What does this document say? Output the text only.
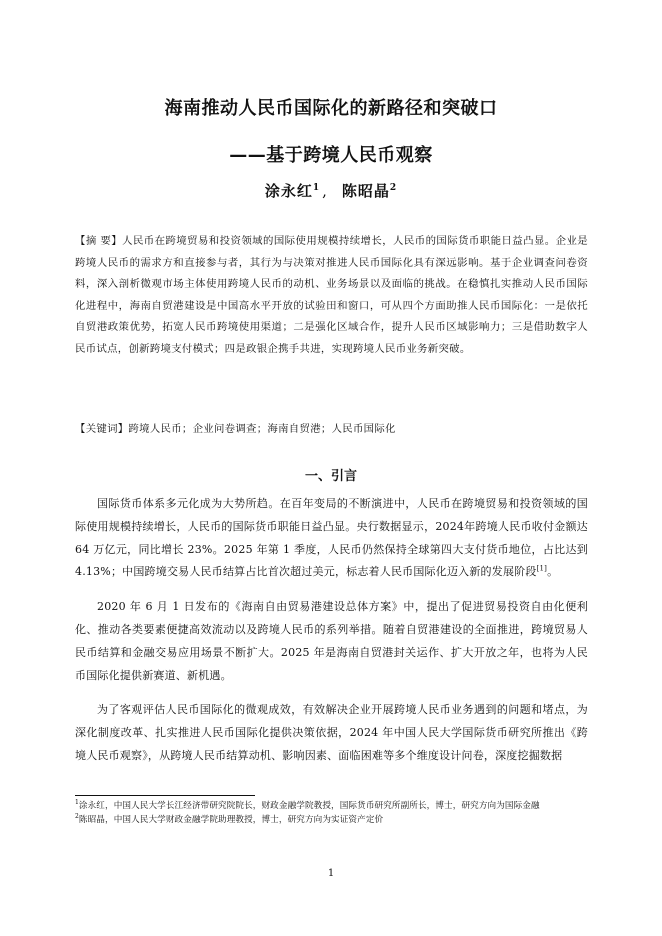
海南推动人民币国际化的新路径和突破口
——基于跨境人民币观察
涂永红$^1$ , 陈昭晶$^2$
【摘 要】人民币在跨境贸易和投资领域的国际使用规模持续增长，人民币的国际货币职能日益凸显。企业是跨境人民币的需求方和直接参与者，其行为与决策对推进人民币国际化具有深远影响。基于企业调查问卷资料，深入剖析微观市场主体使用跨境人民币的动机、业务场景以及面临的挑战。在稳慎扎实推动人民币国际化进程中，海南自贸港建设是中国高水平开放的试验田和窗口，可从四个方面助推人民币国际化：一是依托自贸港政策优势，拓宽人民币跨境使用渠道；二是强化区域合作，提升人民币区域影响力；三是借助数字人民币试点，创新跨境支付模式；四是政银企携手共进，实现跨境人民币业务新突破。
【关键词】跨境人民币；企业问卷调查；海南自贸港；人民币国际化
一、引言

国际货币体系多元化成为大势所趋。在百年变局的不断演进中，人民币在跨境贸易和投资领域的国际使用规模持续增长，人民币的国际货币职能日益凸显。央行数据显示，2024年跨境人民币收付金额达 64 万亿元，同比增长 23%。2025 年第 1 季度，人民币仍然保持全球第四大支付货币地位，占比达到 4.13%；中国跨境交易人民币结算占比首次超过美元，标志着人民币国际化迈入新的发展阶段[1]。

2020 年 6 月 1 日发布的《海南自由贸易港建设总体方案》中，提出了促进贸易投资自由化便利化、推动各类要素便捷高效流动以及跨境人民币的系列举措。随着自贸港建设的全面推进，跨境贸易人民币结算和金融交易应用场景不断扩大。2025 年是海南自贸港封关运作、扩大开放之年，也将为人民币国际化提供新赛道、新机遇。

为了客观评估人民币国际化的微观成效，有效解决企业开展跨境人民币业务遇到的问题和堵点，为深化制度改革、扎实推进人民币国际化提供决策依据，2024 年中国人民大学国际货币研究所推出《跨境人民币观察》，从跨境人民币结算动机、影响因素、面临困难等多个维度设计问卷，深度挖掘数据

$^1$涂永红，中国人民大学长江经济带研究院院长，财政金融学院教授，国际货币研究所副所长，博士，研究方向为国际金融
$^2$陈昭晶，中国人民大学财政金融学院助理教授，博士，研究方向为实证资产定价
1
